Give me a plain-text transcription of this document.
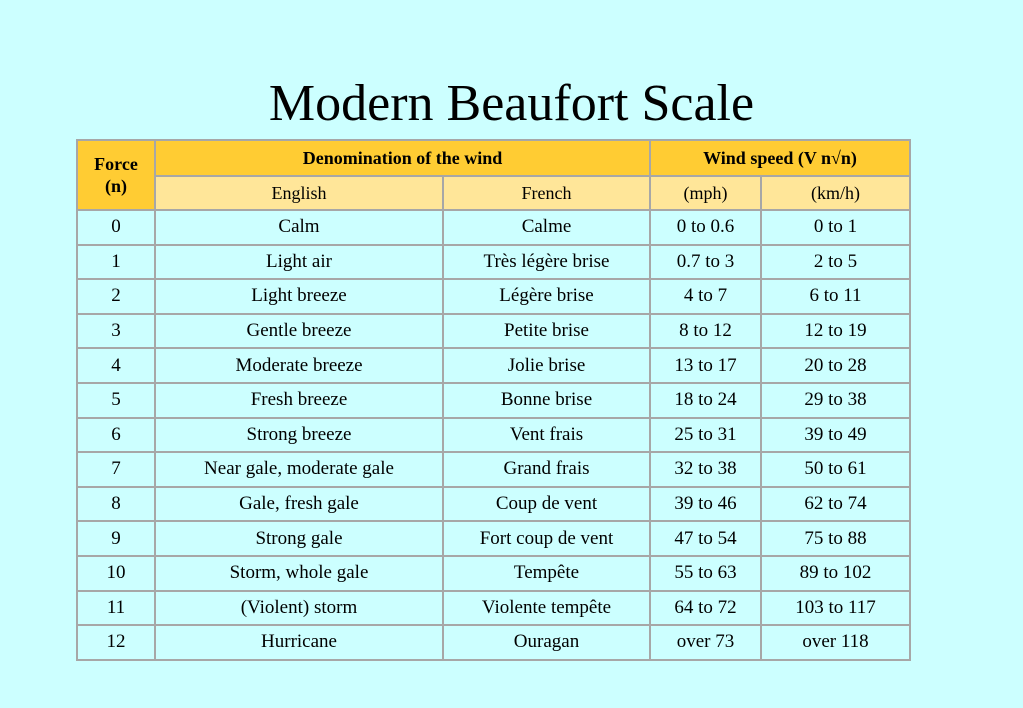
Modern Beaufort Scale
Force (n)	Denomination of the wind		Wind speed (V n√n)	
	English	French	(mph)	(km/h)
0	Calm	Calme	0 to 0.6	0 to 1
1	Light air	Très légère brise	0.7 to 3	2 to 5
2	Light breeze	Légère brise	4 to 7	6 to 11
3	Gentle breeze	Petite brise	8 to 12	12 to 19
4	Moderate breeze	Jolie brise	13 to 17	20 to 28
5	Fresh breeze	Bonne brise	18 to 24	29 to 38
6	Strong breeze	Vent frais	25 to 31	39 to 49
7	Near gale, moderate gale	Grand frais	32 to 38	50 to 61
8	Gale, fresh gale	Coup de vent	39 to 46	62 to 74
9	Strong gale	Fort coup de vent	47 to 54	75 to 88
10	Storm, whole gale	Tempête	55 to 63	89 to 102
11	(Violent) storm	Violente tempête	64 to 72	103 to 117
12	Hurricane	Ouragan	over 73	over 118
